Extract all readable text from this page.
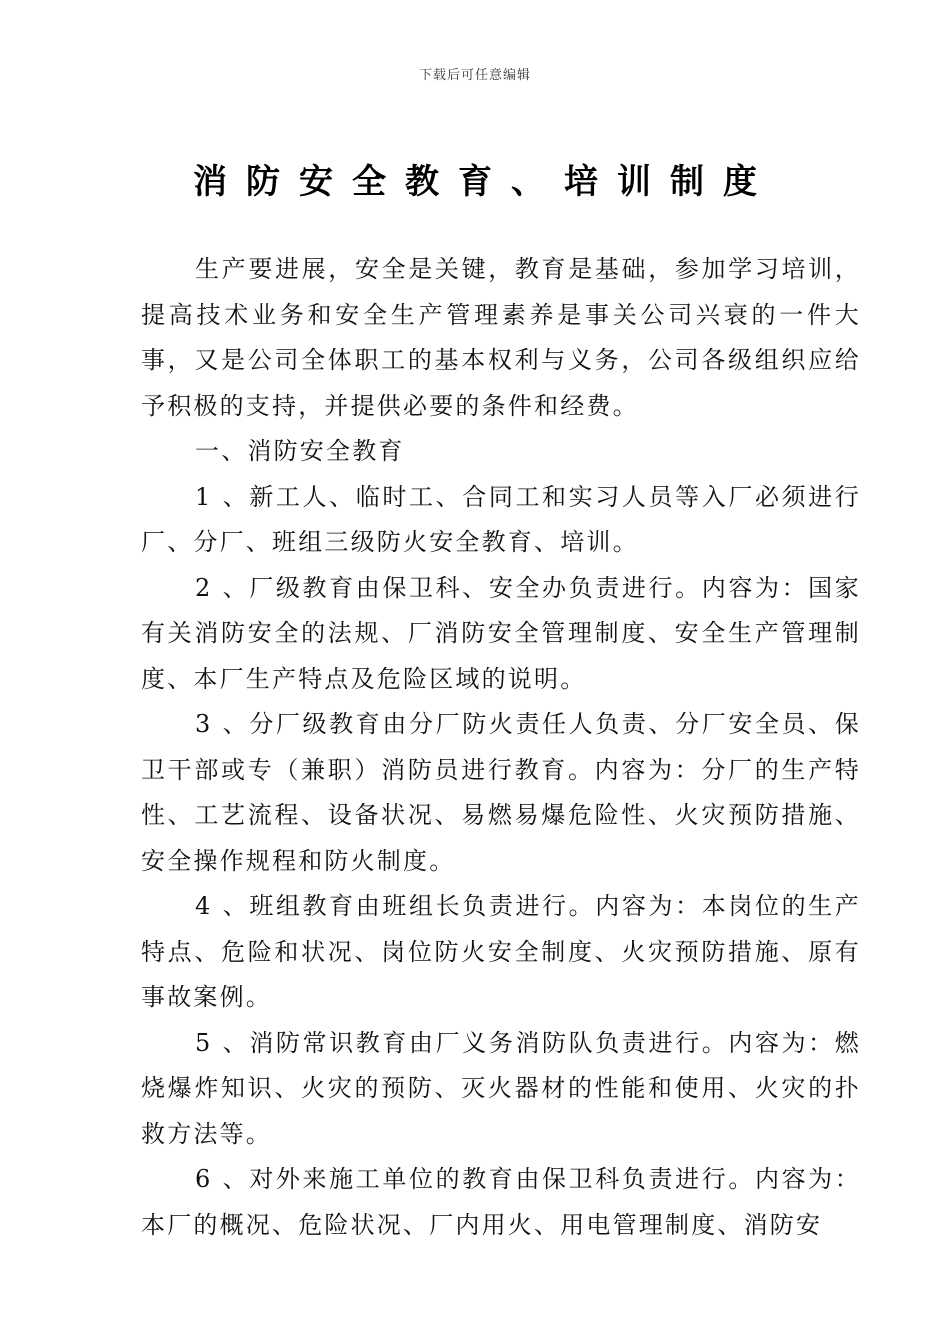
下载后可任意编辑
消防安全教育、培训制度

生产要进展，安全是关键，教育是基础，参加学习培训，提高技术业务和安全生产管理素养是事关公司兴衰的一件大事，又是公司全体职工的基本权利与义务，公司各级组织应给予积极的支持，并提供必要的条件和经费。

一、消防安全教育

1 、新工人、临时工、合同工和实习人员等入厂必须进行厂、分厂、班组三级防火安全教育、培训。

2 、厂级教育由保卫科、安全办负责进行。内容为：国家有关消防安全的法规、厂消防安全管理制度、安全生产管理制度、本厂生产特点及危险区域的说明。

3 、分厂级教育由分厂防火责任人负责、分厂安全员、保卫干部或专（兼职）消防员进行教育。内容为：分厂的生产特性、工艺流程、设备状况、易燃易爆危险性、火灾预防措施、安全操作规程和防火制度。

4 、班组教育由班组长负责进行。内容为：本岗位的生产特点、危险和状况、岗位防火安全制度、火灾预防措施、原有事故案例。

5 、消防常识教育由厂义务消防队负责进行。内容为：燃烧爆炸知识、火灾的预防、灭火器材的性能和使用、火灾的扑救方法等。

6 、对外来施工单位的教育由保卫科负责进行。内容为：本厂的概况、危险状况、厂内用火、用电管理制度、消防安
